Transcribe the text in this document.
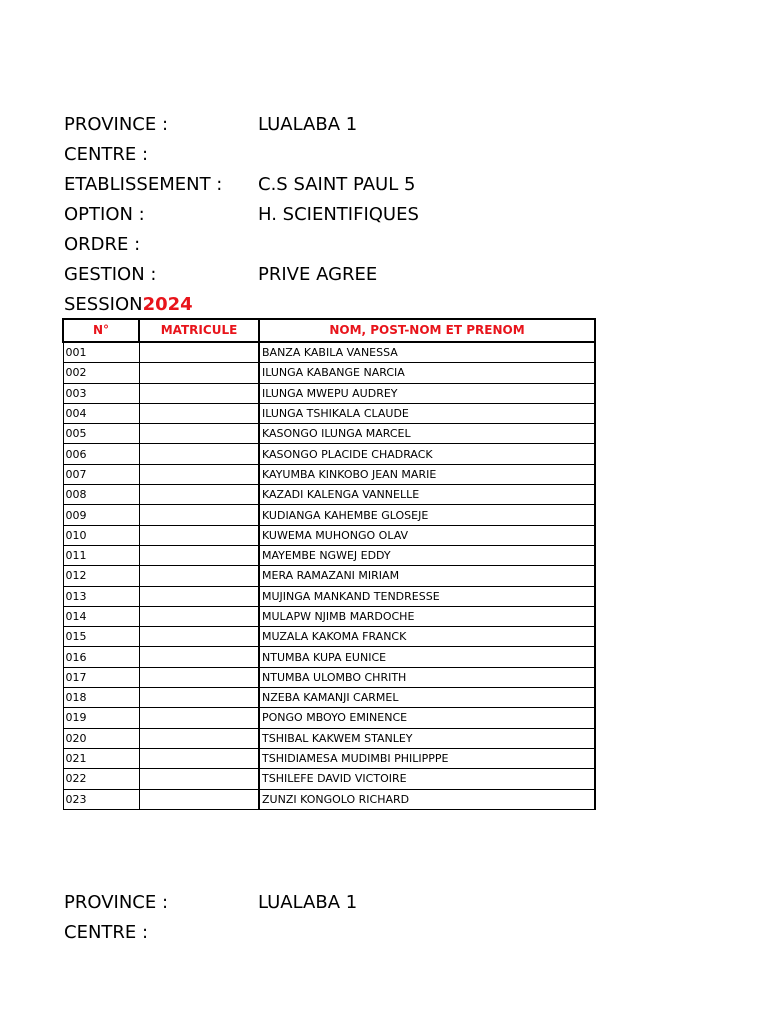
PROVINCE :	LUALABA 1
CENTRE :
ETABLISSEMENT : C.S SAINT PAUL 5
OPTION :	H. SCIENTIFIQUES
ORDRE :
GESTION :	PRIVE AGREE
SESSION2024
N°	MATRICULE	NOM, POST-NOM ET PRENOM
001		BANZA KABILA VANESSA
002		ILUNGA KABANGE NARCIA
003		ILUNGA MWEPU AUDREY
004		ILUNGA TSHIKALA CLAUDE
005		KASONGO ILUNGA MARCEL
006		KASONGO PLACIDE CHADRACK
007		KAYUMBA KINKOBO JEAN MARIE
008		KAZADI KALENGA VANNELLE
009		KUDIANGA KAHEMBE GLOSEJE
010		KUWEMA MUHONGO OLAV
011		MAYEMBE NGWEJ EDDY
012		MERA RAMAZANI MIRIAM
013		MUJINGA MANKAND TENDRESSE
014		MULAPW NJIMB MARDOCHE
015		MUZALA KAKOMA FRANCK
016		NTUMBA KUPA EUNICE
017		NTUMBA ULOMBO CHRITH
018		NZEBA KAMANJI CARMEL
019		PONGO MBOYO EMINENCE
020		TSHIBAL KAKWEM STANLEY
021		TSHIDIAMESA MUDIMBI PHILIPPPE
022		TSHILEFE DAVID VICTOIRE
023		ZUNZI KONGOLO RICHARD
PROVINCE :	LUALABA 1
CENTRE :
